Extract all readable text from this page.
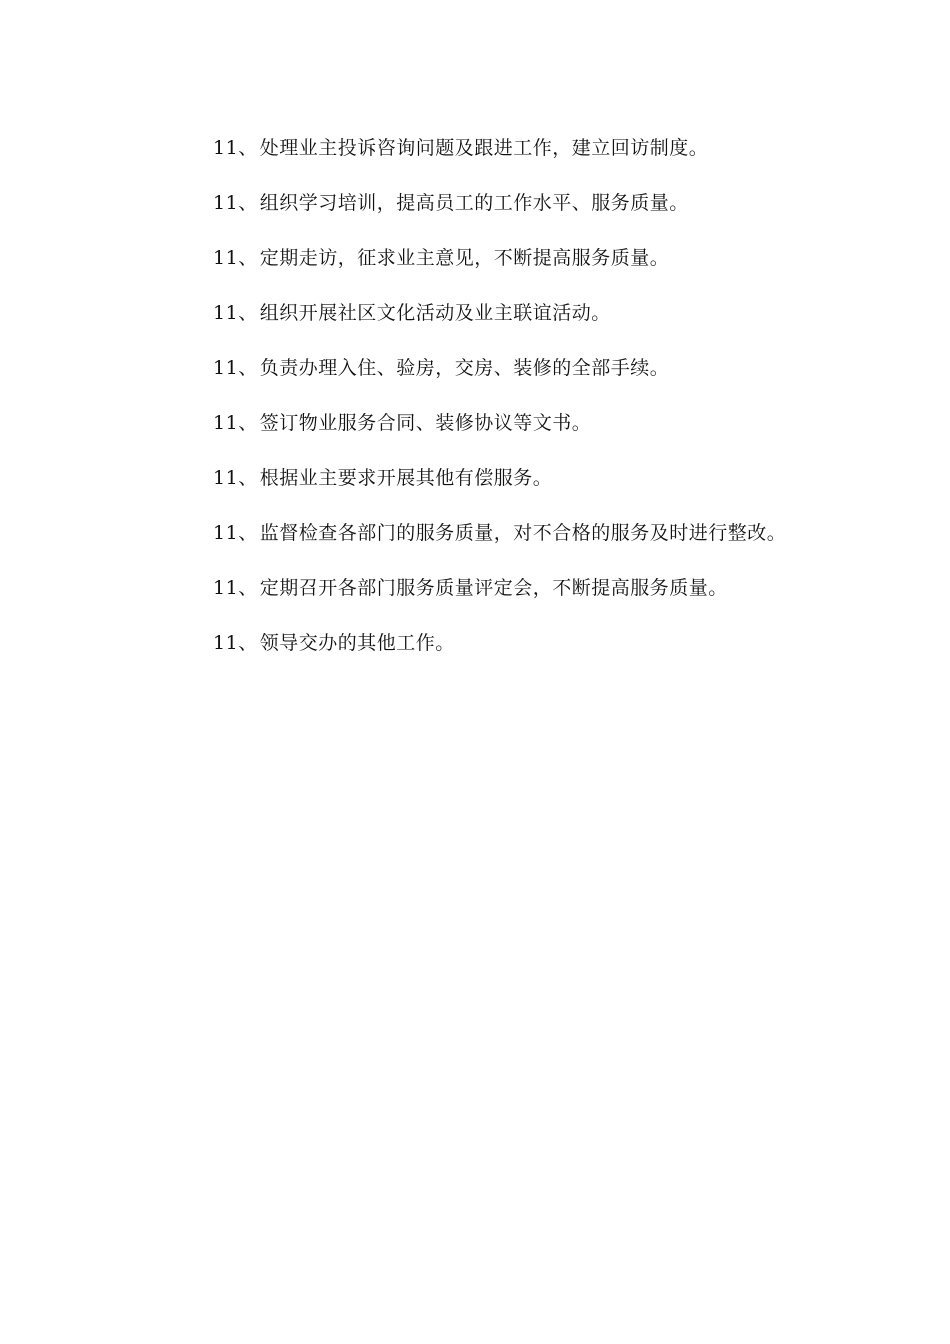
11、 处理业主投诉咨询问题及跟进工作，建立回访制度。
11、 组织学习培训，提高员工的工作水平、服务质量。
11、 定期走访，征求业主意见，不断提高服务质量。
11、 组织开展社区文化活动及业主联谊活动。
11、 负责办理入住、验房，交房、装修的全部手续。
11、 签订物业服务合同、装修协议等文书。
11、 根据业主要求开展其他有偿服务。
11、 监督检查各部门的服务质量，对不合格的服务及时进行整改。
11、 定期召开各部门服务质量评定会，不断提高服务质量。
11、 领导交办的其他工作。
